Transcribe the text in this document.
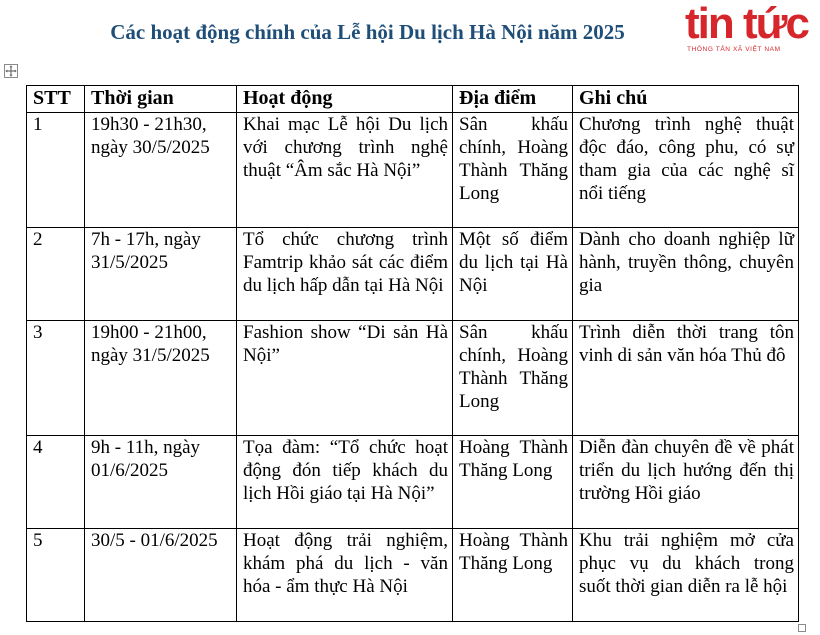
Các hoạt động chính của Lễ hội Du lịch Hà Nội năm 2025	tin tức
THÔNG TẤN XÃ VIỆT NAM
STT	Thời gian	Hoạt động	Địa điểm	Ghi chú
1	19h30 - 21h30, ngày 30/5/2025	Khai mạc Lễ hội Du lịch với chương trình nghệ thuật “Âm sắc Hà Nội”	Sân khấu chính, Hoàng Thành Thăng Long	Chương trình nghệ thuật độc đáo, công phu, có sự tham gia của các nghệ sĩ nổi tiếng
2	7h - 17h, ngày 31/5/2025	Tổ chức chương trình Famtrip khảo sát các điểm du lịch hấp dẫn tại Hà Nội	Một số điểm du lịch tại Hà Nội	Dành cho doanh nghiệp lữ hành, truyền thông, chuyên gia
3	19h00 - 21h00, ngày 31/5/2025	Fashion show “Di sản Hà Nội”	Sân khấu chính, Hoàng Thành Thăng Long	Trình diễn thời trang tôn vinh di sản văn hóa Thủ đô
4	9h - 11h, ngày 01/6/2025	Tọa đàm: “Tổ chức hoạt động đón tiếp khách du lịch Hồi giáo tại Hà Nội”	Hoàng Thành Thăng Long	Diễn đàn chuyên đề về phát triển du lịch hướng đến thị trường Hồi giáo
5	30/5 - 01/6/2025	Hoạt động trải nghiệm, khám phá du lịch - văn hóa - ẩm thực Hà Nội	Hoàng Thành Thăng Long	Khu trải nghiệm mở cửa phục vụ du khách trong suốt thời gian diễn ra lễ hội
